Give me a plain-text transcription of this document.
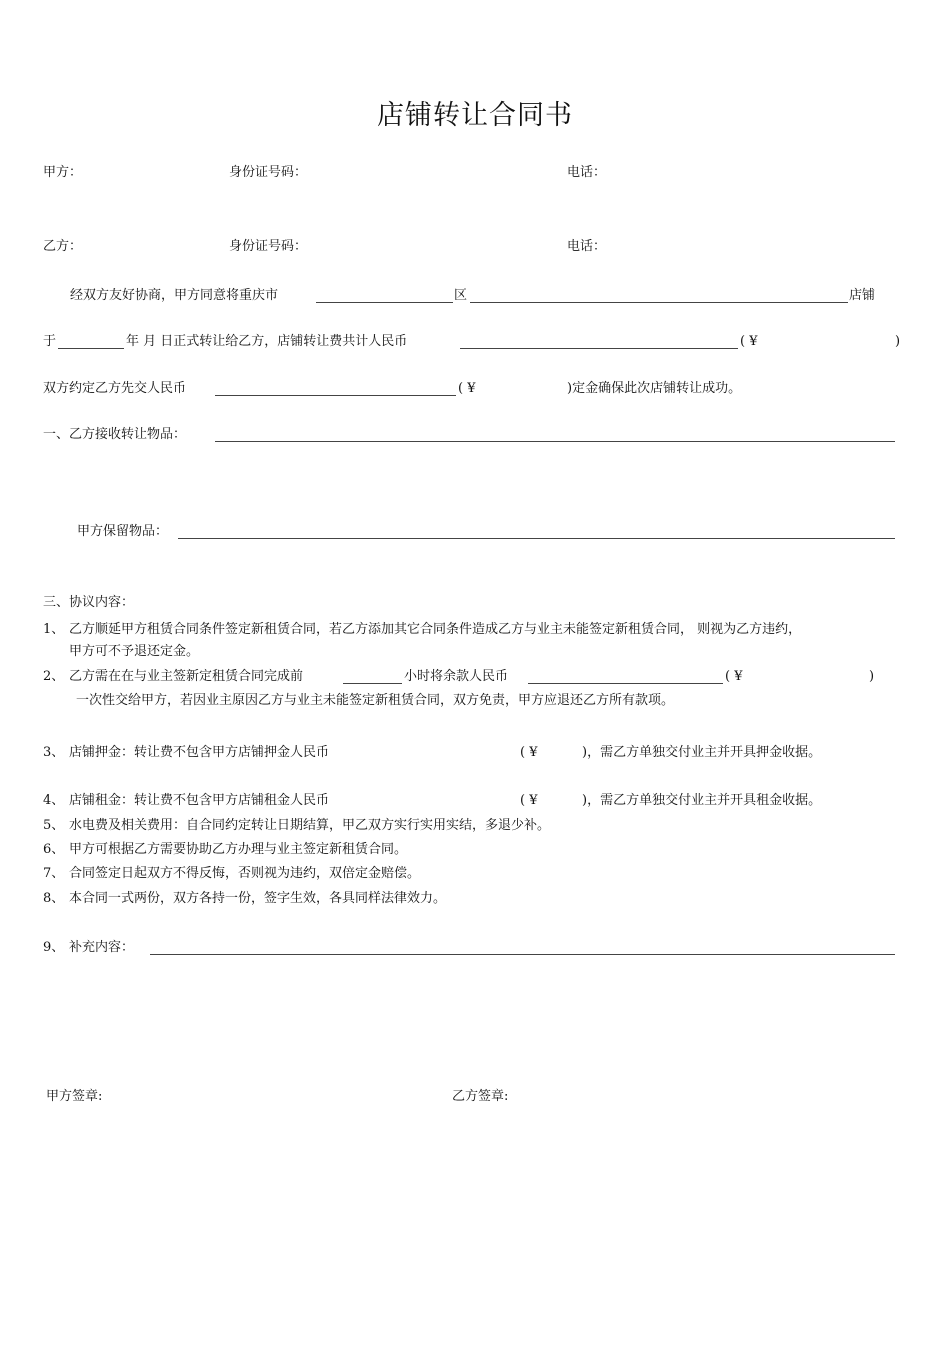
店铺转让合同书
甲方：	身份证号码：	电话：
乙方：	身份证号码：	电话：
经双方友好协商，甲方同意将重庆市	区	店铺
于	年 月 日正式转让给乙方，店铺转让费共计人民币	( ¥	)
双方约定乙方先交人民币	( ¥	)定金确保此次店铺转让成功。
一、乙方接收转让物品：
甲方保留物品：
三、协议内容：
1、 乙方顺延甲方租赁合同条件签定新租赁合同，若乙方添加其它合同条件造成乙方与业主未能签定新租赁合同， 则视为乙方违约，
甲方可不予退还定金。
2、 乙方需在在与业主签新定租赁合同完成前	小时将余款人民币	( ¥	)
一次性交给甲方，若因业主原因乙方与业主未能签定新租赁合同，双方免责，甲方应退还乙方所有款项。
3、 店铺押金：转让费不包含甲方店铺押金人民币	( ¥	)，需乙方单独交付业主并开具押金收据。
4、 店铺租金：转让费不包含甲方店铺租金人民币	( ¥	)，需乙方单独交付业主并开具租金收据。
5、 水电费及相关费用：自合同约定转让日期结算，甲乙双方实行实用实结，多退少补。
6、 甲方可根据乙方需要协助乙方办理与业主签定新租赁合同。
7、 合同签定日起双方不得反悔，否则视为违约，双倍定金赔偿。
8、 本合同一式两份，双方各持一份，签字生效，各具同样法律效力。
9、 补充内容：
甲方签章:	乙方签章:
